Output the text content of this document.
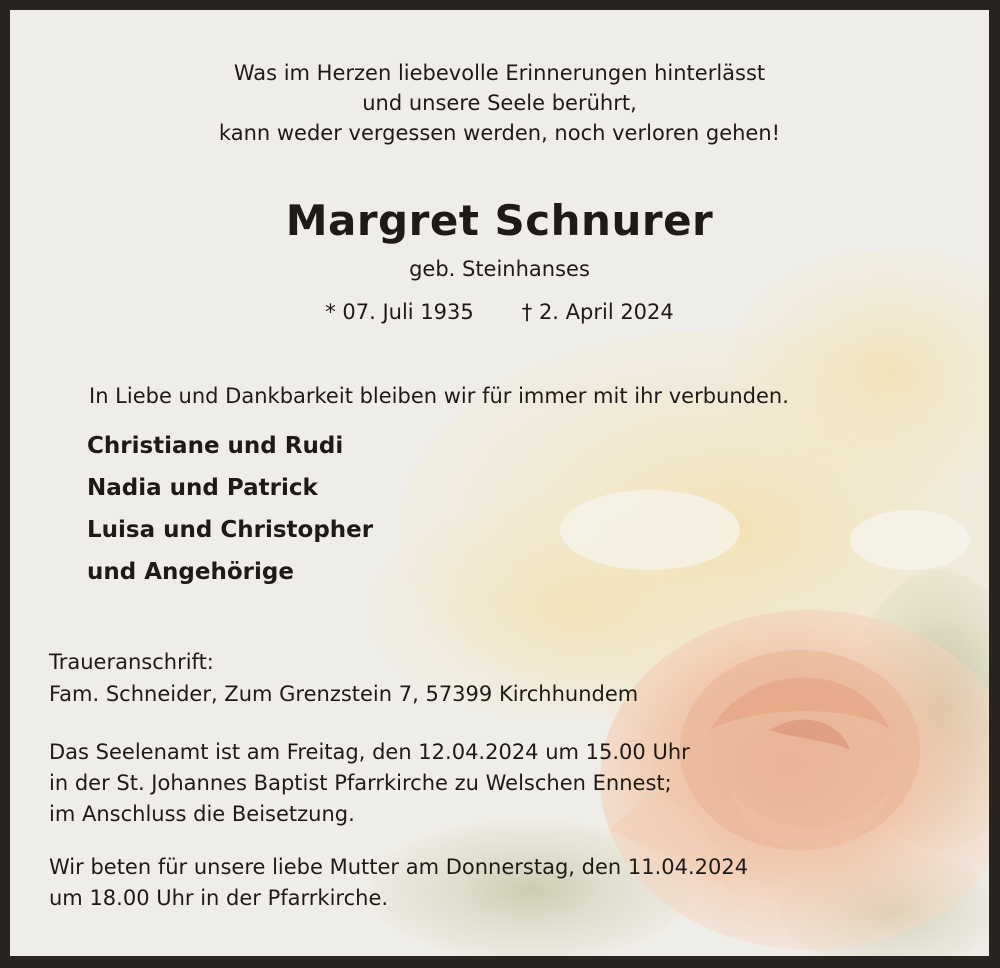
Was im Herzen liebevolle Erinnerungen hinterlässt
und unsere Seele berührt,
kann weder vergessen werden, noch verloren gehen!
Margret Schnurer
geb. Steinhanses
* 07. Juli 1935 † 2. April 2024
In Liebe und Dankbarkeit bleiben wir für immer mit ihr verbunden.
Christiane und Rudi
Nadia und Patrick
Luisa und Christopher
und Angehörige
Traueranschrift:
Fam. Schneider, Zum Grenzstein 7, 57399 Kirchhundem
Das Seelenamt ist am Freitag, den 12.04.2024 um 15.00 Uhr
in der St. Johannes Baptist Pfarrkirche zu Welschen Ennest;
im Anschluss die Beisetzung.
Wir beten für unsere liebe Mutter am Donnerstag, den 11.04.2024
um 18.00 Uhr in der Pfarrkirche.
